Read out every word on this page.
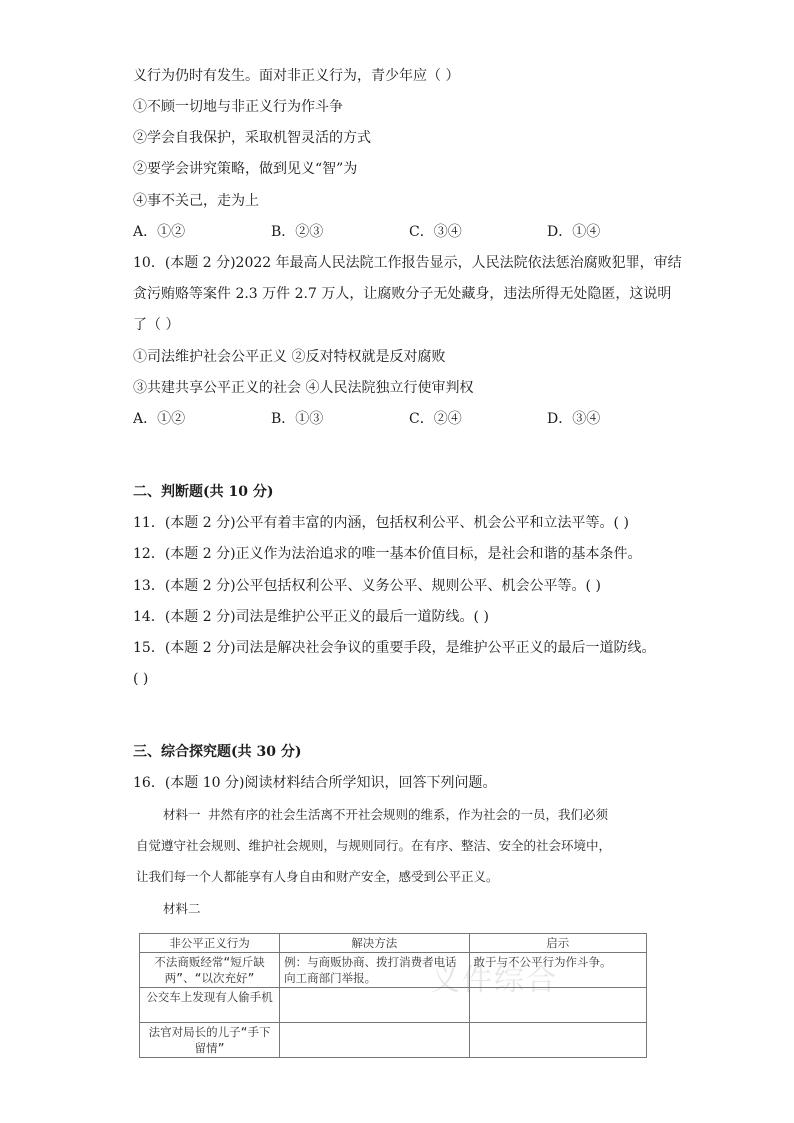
义行为仍时有发生。面对非正义行为，青少年应（ ）
①不顾一切地与非正义行为作斗争
②学会自我保护，采取机智灵活的方式
②要学会讲究策略，做到见义“智”为
④事不关己，走为上
A．①②	B．②③	C．③④	D．①④
10．(本题 2 分)2022 年最高人民法院工作报告显示，人民法院依法惩治腐败犯罪，审结
贪污贿赂等案件 2.3 万件 2.7 万人，让腐败分子无处藏身，违法所得无处隐匿，这说明
了（ ）
①司法维护社会公平正义 ②反对特权就是反对腐败
③共建共享公平正义的社会 ④人民法院独立行使审判权
A．①②	B．①③	C．②④	D．③④
二、判断题(共 10 分)
11．(本题 2 分)公平有着丰富的内涵，包括权利公平、机会公平和立法平等。( )
12．(本题 2 分)正义作为法治追求的唯一基本价值目标，是社会和谐的基本条件。
13．(本题 2 分)公平包括权利公平、义务公平、规则公平、机会公平等。( )
14．(本题 2 分)司法是维护公平正义的最后一道防线。( )
15．(本题 2 分)司法是解决社会争议的重要手段，是维护公平正义的最后一道防线。
( )
三、综合探究题(共 30 分)
16．(本题 10 分)阅读材料结合所学知识，回答下列问题。
材料一 井然有序的社会生活离不开社会规则的维系，作为社会的一员，我们必须
自觉遵守社会规则、维护社会规则，与规则同行。在有序、整洁、安全的社会环境中，
让我们每一个人都能享有人身自由和财产安全，感受到公平正义。
材料二
义件综合
非公平正义行为	解决方法	启示
不法商贩经常“短斤缺两”、“以次充好”	例：与商贩协商、拨打消费者电话向工商部门举报。	敢于与不公平行为作斗争。
公交车上发现有人偷手机		
法官对局长的儿子“手下留情”		
